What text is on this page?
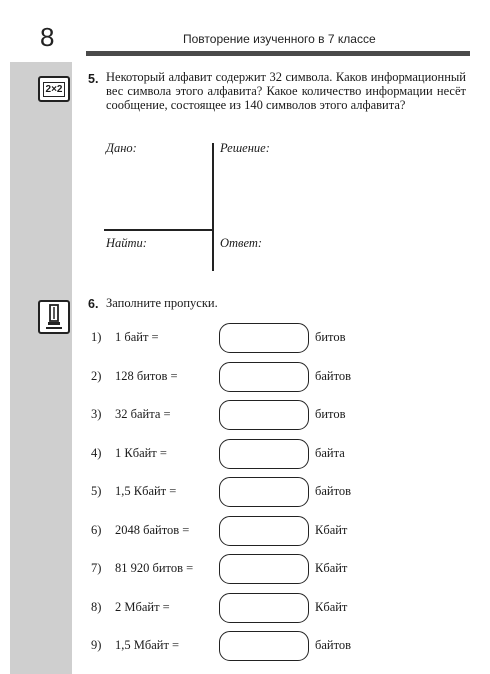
8	Повторение изученного в 7 классе
2×2
5. Некоторый алфавит содержит 32 символа. Каков информационный вес символа этого алфавита? Какое количество информации несёт сообщение, состоящее из 140 символов этого алфавита?
Дано:	Решение:
Найти:	Ответ:
6. Заполните пропуски.
1) 1 байт =	битов
2) 128 битов =	байтов
3) 32 байта =	битов
4) 1 Кбайт =	байта
5) 1,5 Кбайт =	байтов
6) 2048 байтов =	Кбайт
7) 81 920 битов =	Кбайт
8) 2 Мбайт =	Кбайт
9) 1,5 Мбайт =	байтов
